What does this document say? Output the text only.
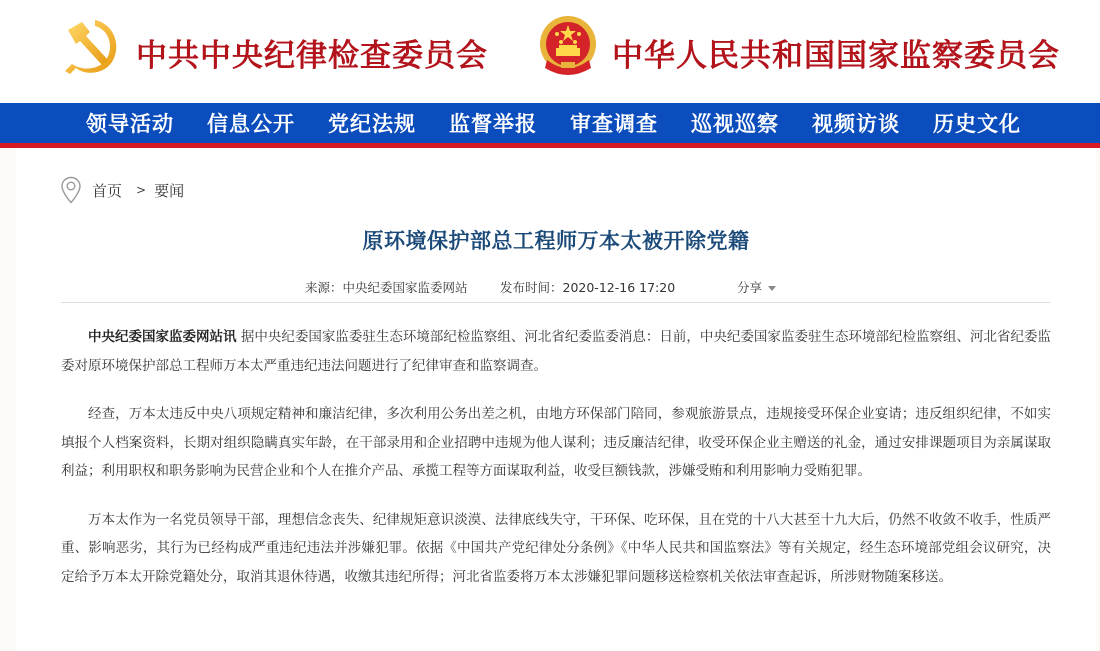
中共中央纪律检查委员会	中华人民共和国国家监察委员会
领导活动 信息公开 党纪法规 监督举报 审查调查 巡视巡察 视频访谈 历史文化
首页 > 要闻
原环境保护部总工程师万本太被开除党籍
来源：中央纪委国家监委网站	发布时间：2020-12-16 17:20	分享

中央纪委国家监委网站讯 据中央纪委国家监委驻生态环境部纪检监察组、河北省纪委监委消息：日前，中央纪委国家监委驻生态环境部纪检监察组、河北省纪委监委对原环境保护部总工程师万本太严重违纪违法问题进行了纪律审查和监察调查。

经查，万本太违反中央八项规定精神和廉洁纪律，多次利用公务出差之机，由地方环保部门陪同，参观旅游景点，违规接受环保企业宴请；违反组织纪律，不如实填报个人档案资料，长期对组织隐瞒真实年龄，在干部录用和企业招聘中违规为他人谋利；违反廉洁纪律，收受环保企业主赠送的礼金，通过安排课题项目为亲属谋取利益；利用职权和职务影响为民营企业和个人在推介产品、承揽工程等方面谋取利益，收受巨额钱款，涉嫌受贿和利用影响力受贿犯罪。

万本太作为一名党员领导干部，理想信念丧失、纪律规矩意识淡漠、法律底线失守，干环保、吃环保，且在党的十八大甚至十九大后，仍然不收敛不收手，性质严重、影响恶劣，其行为已经构成严重违纪违法并涉嫌犯罪。依据《中国共产党纪律处分条例》《中华人民共和国监察法》等有关规定，经生态环境部党组会议研究，决定给予万本太开除党籍处分，取消其退休待遇，收缴其违纪所得；河北省监委将万本太涉嫌犯罪问题移送检察机关依法审查起诉，所涉财物随案移送。
